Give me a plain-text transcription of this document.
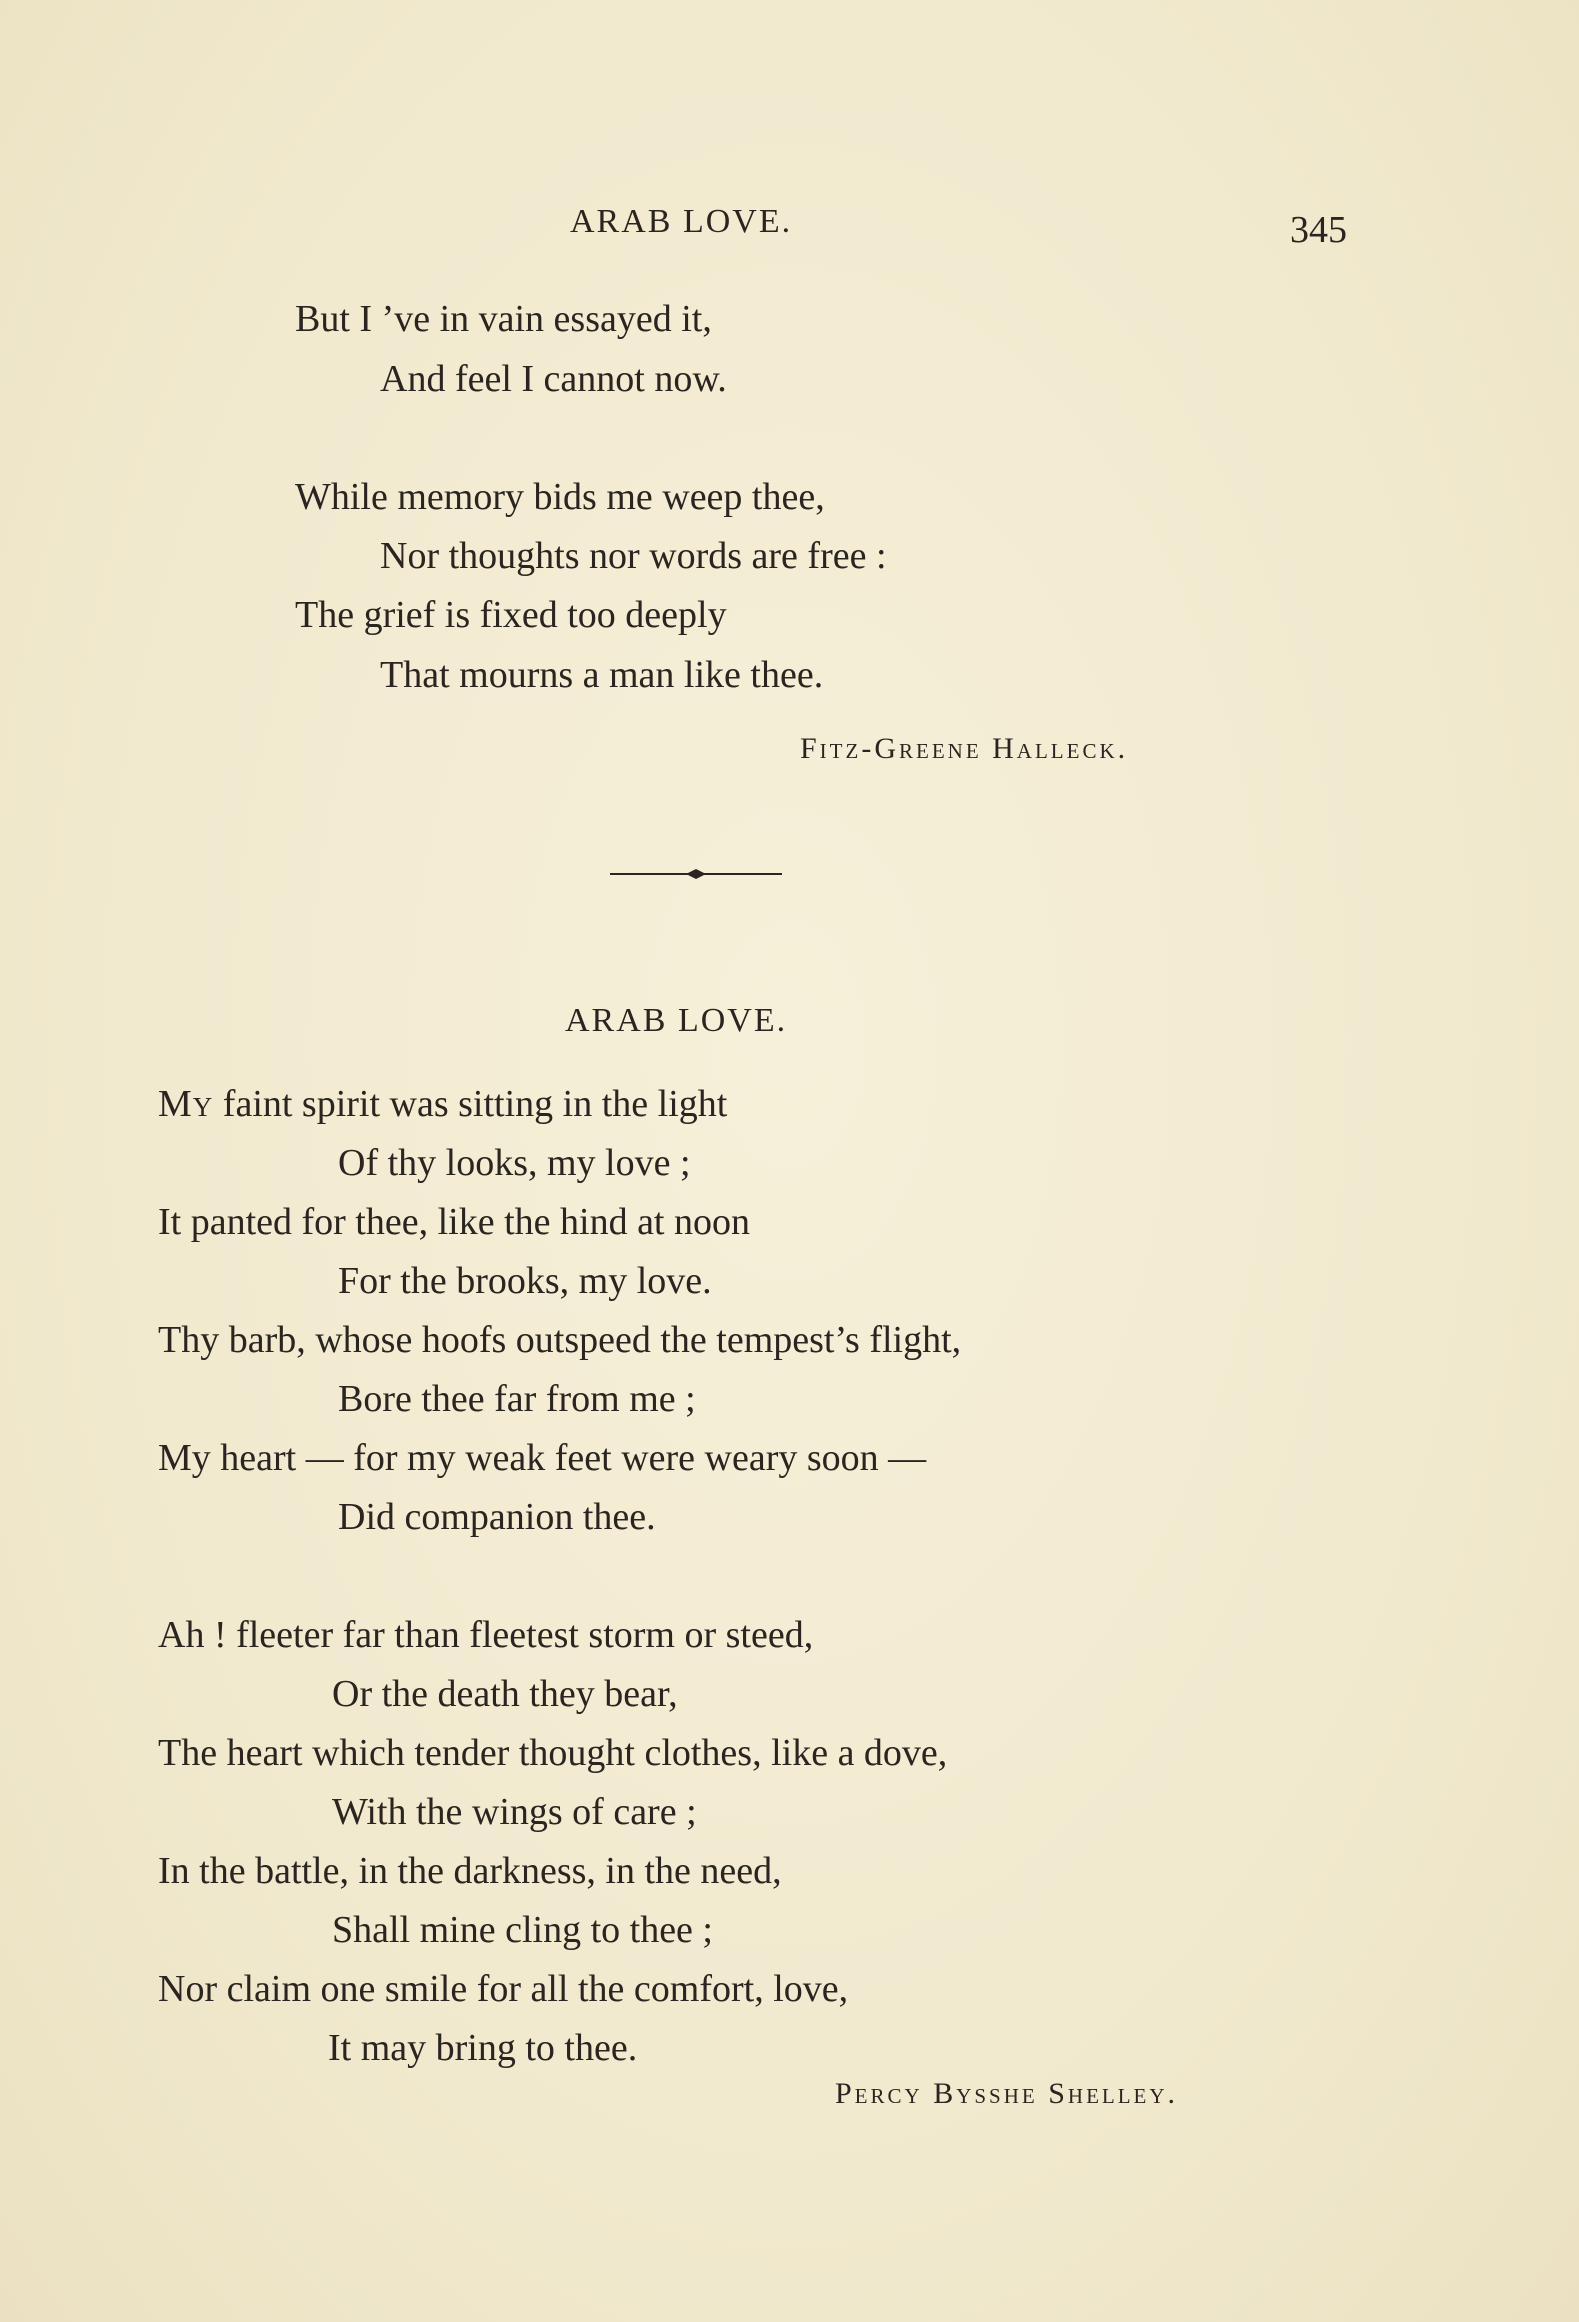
ARAB LOVE.	345
But I ’ve in vain essayed it,
And feel I cannot now.
While memory bids me weep thee,
Nor thoughts nor words are free :
The grief is fixed too deeply
That mourns a man like thee.
Fitz-Greene Halleck.
ARAB LOVE.
My faint spirit was sitting in the light
Of thy looks, my love ;
It panted for thee, like the hind at noon
For the brooks, my love.
Thy barb, whose hoofs outspeed the tempest’s flight,
Bore thee far from me ;
My heart — for my weak feet were weary soon —
Did companion thee.
Ah ! fleeter far than fleetest storm or steed,
Or the death they bear,
The heart which tender thought clothes, like a dove,
With the wings of care ;
In the battle, in the darkness, in the need,
Shall mine cling to thee ;
Nor claim one smile for all the comfort, love,
It may bring to thee.
Percy Bysshe Shelley.
